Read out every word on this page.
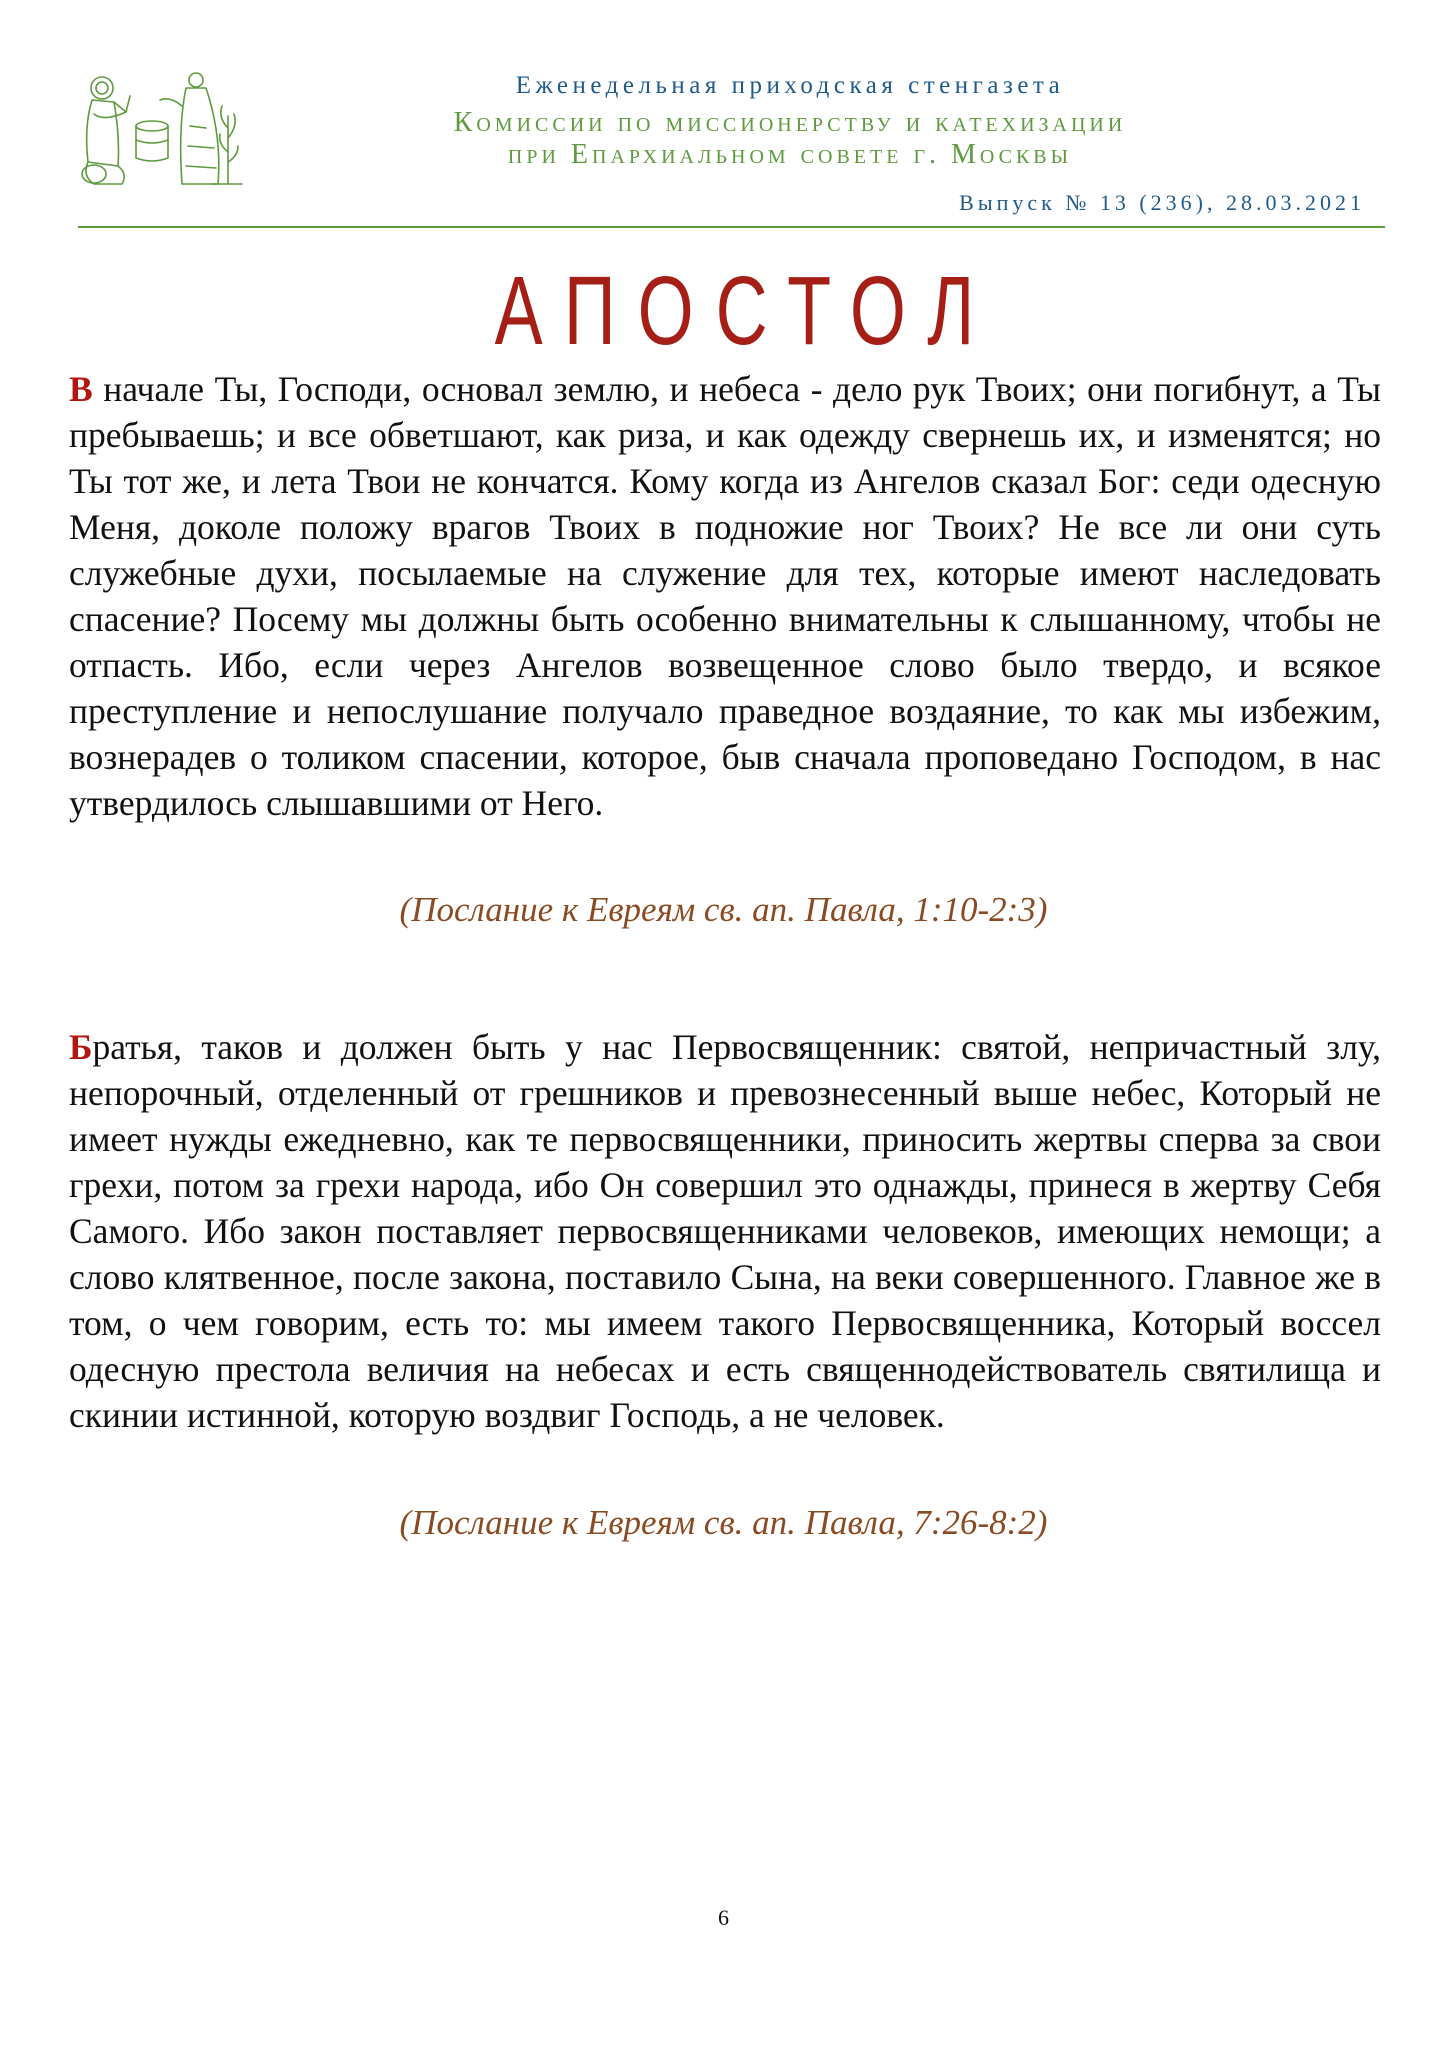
Еженедельная приходская стенгазета
Комиссии по миссионерству и катехизации
при Епархиальном совете г. Москвы
Выпуск № 13 (236), 28.03.2021
АПОСТОЛ

В начале Ты, Господи, основал землю, и небеса - дело рук Твоих; они погибнут, а Ты пребываешь; и все обветшают, как риза, и как одежду свернешь их, и изменятся; но Ты тот же, и лета Твои не кончатся. Кому когда из Ангелов сказал Бог: седи одесную Меня, доколе положу врагов Твоих в подножие ног Твоих? Не все ли они суть служебные духи, посылаемые на служение для тех, которые имеют наследовать спасение? Посему мы должны быть особенно внимательны к слышанному, чтобы не отпасть. Ибо, если через Ангелов возвещенное слово было твердо, и всякое преступление и непослушание получало праведное воздаяние, то как мы избежим, вознерадев о толиком спасении, которое, быв сначала проповедано Господом, в нас утвердилось слышавшими от Него.

(Послание к Евреям св. ап. Павла, 1:10-2:3)

Братья, таков и должен быть у нас Первосвященник: святой, непричастный злу, непорочный, отделенный от грешников и превознесенный выше небес, Который не имеет нужды ежедневно, как те первосвященники, приносить жертвы сперва за свои грехи, потом за грехи народа, ибо Он совершил это однажды, принеся в жертву Себя Самого. Ибо закон поставляет первосвященниками человеков, имеющих немощи; а слово клятвенное, после закона, поставило Сына, на веки совершенного. Главное же в том, о чем говорим, есть то: мы имеем такого Первосвященника, Который воссел одесную престола величия на небесах и есть священнодействователь святилища и скинии истинной, которую воздвиг Господь, а не человек.

(Послание к Евреям св. ап. Павла, 7:26-8:2)
6
